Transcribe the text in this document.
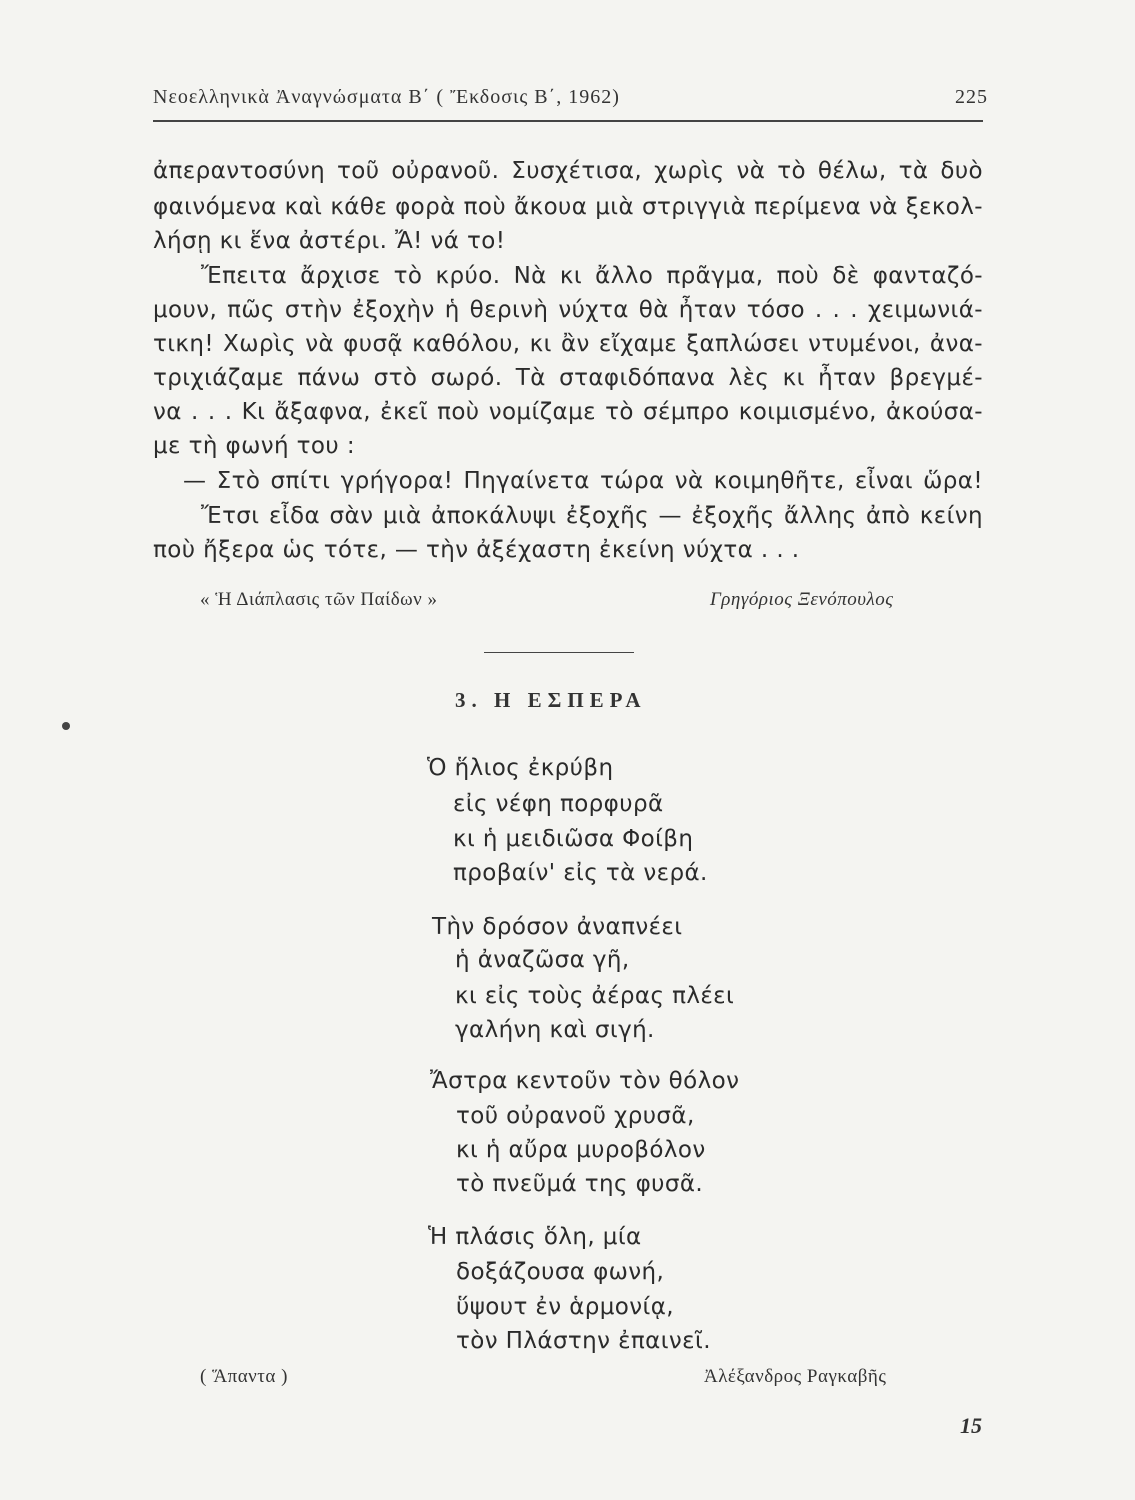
Νεοελληνικὰ Ἀναγνώσματα Β΄ ( Ἔκδοσις Β΄, 1962)	225
ἀπεραντοσύνη τοῦ οὐρανοῦ. Συσχέτισα, χωρὶς νὰ τὸ θέλω, τὰ δυὸ
φαινόμενα καὶ κάθε φορὰ ποὺ ἄκουα μιὰ στριγγιὰ περίμενα νὰ ξεκολ-
λήσῃ κι ἕνα ἀστέρι. Ἄ! νά το!
Ἔπειτα ἄρχισε τὸ κρύο. Νὰ κι ἄλλο πρᾶγμα, ποὺ δὲ φανταζό-
μουν, πῶς στὴν ἐξοχὴν ἡ θερινὴ νύχτα θὰ ἦταν τόσο . . . χειμωνιά-
τικη! Χωρὶς νὰ φυσᾷ καθόλου, κι ἂν εἴχαμε ξαπλώσει ντυμένοι, ἀνα-
τριχιάζαμε πάνω στὸ σωρό. Τὰ σταφιδόπανα λὲς κι ἦταν βρεγμέ-
να . . . Κι ἄξαφνα, ἐκεῖ ποὺ νομίζαμε τὸ σέμπρο κοιμισμένο, ἀκούσα-
με τὴ φωνή του :
— Στὸ σπίτι γρήγορα! Πηγαίνετα τώρα νὰ κοιμηθῆτε, εἶναι ὥρα!
Ἔτσι εἶδα σὰν μιὰ ἀποκάλυψι ἐξοχῆς — ἐξοχῆς ἄλλης ἀπὸ κείνη
ποὺ ἤξερα ὡς τότε, — τὴν ἀξέχαστη ἐκείνη νύχτα . . .
« Ἡ Διάπλασις τῶν Παίδων »	Γρηγόριος Ξενόπουλος
3. Η ΕΣΠΕΡΑ
Ὁ ἥλιος ἐκρύβη
εἰς νέφη πορφυρᾶ
κι ἡ μειδιῶσα Φοίβη
προβαίν' εἰς τὰ νερά.
Τὴν δρόσον ἀναπνέει
ἡ ἀναζῶσα γῆ,
κι εἰς τοὺς ἀέρας πλέει
γαλήνη καὶ σιγή.
Ἄστρα κεντοῦν τὸν θόλον
τοῦ οὐρανοῦ χρυσᾶ,
κι ἡ αὔρα μυροβόλον
τὸ πνεῦμά της φυσᾶ.
Ἡ πλάσις ὅλη, μία
δοξάζουσα φωνή,
ὕψουτ ἐν ἁρμονίᾳ,
τὸν Πλάστην ἐπαινεῖ.
( Ἅπαντα )	Ἀλέξανδρος Ραγκαβῆς
15
